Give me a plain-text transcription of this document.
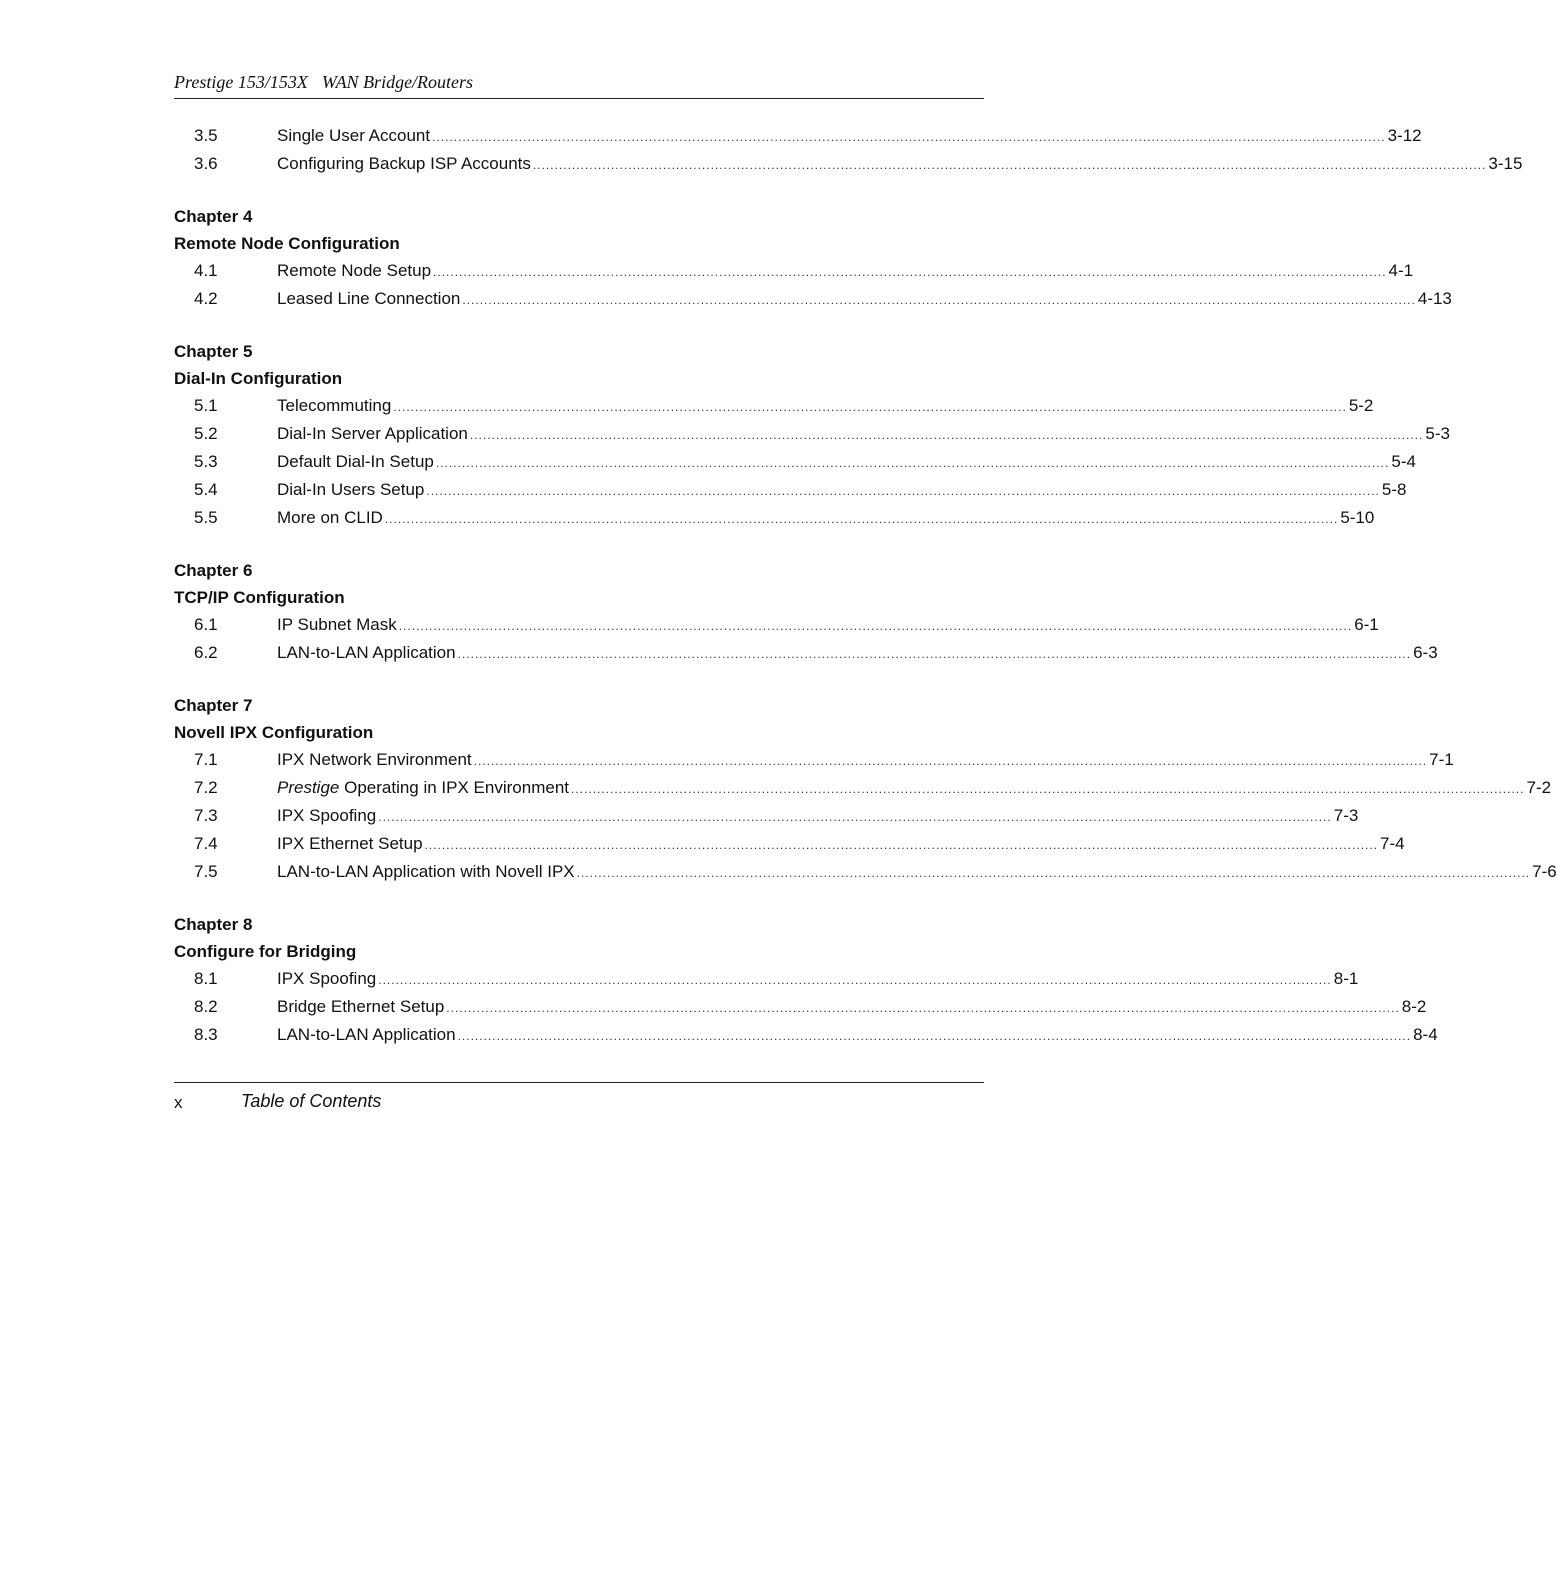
Prestige 153/153X WAN Bridge/Routers
3.5	Single User Account ............................................................................................................................................................................................................................ 3-12
3.6	Configuring Backup ISP Accounts ............................................................................................................................................................................................................................ 3-15
Chapter 4
Remote Node Configuration
4.1	Remote Node Setup ............................................................................................................................................................................................................................ 4-1
4.2	Leased Line Connection ............................................................................................................................................................................................................................ 4-13
Chapter 5
Dial-In Configuration
5.1	Telecommuting ............................................................................................................................................................................................................................ 5-2
5.2	Dial-In Server Application ............................................................................................................................................................................................................................ 5-3
5.3	Default Dial-In Setup ............................................................................................................................................................................................................................ 5-4
5.4	Dial-In Users Setup ............................................................................................................................................................................................................................ 5-8
5.5	More on CLID ............................................................................................................................................................................................................................ 5-10
Chapter 6
TCP/IP Configuration
6.1	IP Subnet Mask ............................................................................................................................................................................................................................ 6-1
6.2	LAN-to-LAN Application ............................................................................................................................................................................................................................ 6-3
Chapter 7
Novell IPX Configuration
7.1	IPX Network Environment ............................................................................................................................................................................................................................ 7-1
7.2	Prestige Operating in IPX Environment ............................................................................................................................................................................................................................ 7-2
7.3	IPX Spoofing ............................................................................................................................................................................................................................ 7-3
7.4	IPX Ethernet Setup ............................................................................................................................................................................................................................ 7-4
7.5	LAN-to-LAN Application with Novell IPX ............................................................................................................................................................................................................................ 7-6
Chapter 8
Configure for Bridging
8.1	IPX Spoofing ............................................................................................................................................................................................................................ 8-1
8.2	Bridge Ethernet Setup ............................................................................................................................................................................................................................ 8-2
8.3	LAN-to-LAN Application ............................................................................................................................................................................................................................ 8-4
x	Table of Contents
